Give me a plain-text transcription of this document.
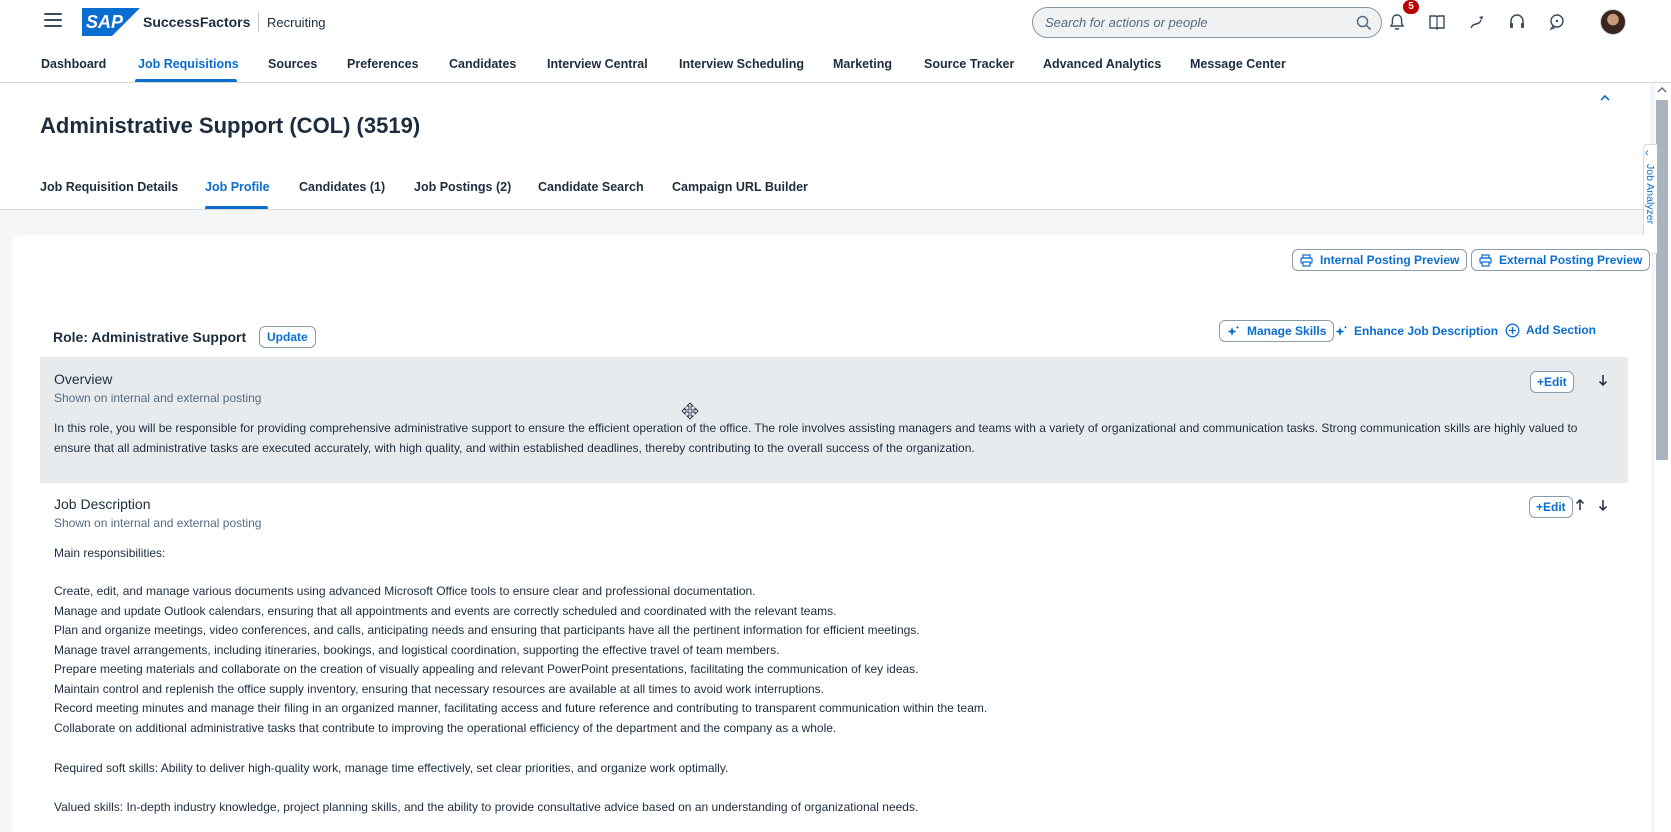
SAP SuccessFactors Recruiting	Search for actions or people
5
Dashboard	Job Requisitions Sources Preferences Candidates Interview Central	Interview Scheduling Marketing	Source Tracker Advanced Analytics Message Center
Administrative Support (COL) (3519)
Job Requisition Details Job Profile Candidates (1) Job Postings (2) Candidate Search Campaign URL Builder
‹
Job Analyzer
Internal Posting Preview	External Posting Preview
Role: Administrative Support Update	Manage Skills Enhance Job Description Add Section
Overview
Shown on internal and external posting
+Edit
In this role, you will be responsible for providing comprehensive administrative support to ensure the efficient operation of the office. The role involves assisting managers and teams with a variety of organizational and communication tasks. Strong communication skills are highly valued to
ensure that all administrative tasks are executed accurately, with high quality, and within established deadlines, thereby contributing to the overall success of the organization.
Job Description
Shown on internal and external posting
+Edit
Main responsibilities:
Create, edit, and manage various documents using advanced Microsoft Office tools to ensure clear and professional documentation.
Manage and update Outlook calendars, ensuring that all appointments and events are correctly scheduled and coordinated with the relevant teams.
Plan and organize meetings, video conferences, and calls, anticipating needs and ensuring that participants have all the pertinent information for efficient meetings.
Manage travel arrangements, including itineraries, bookings, and logistical coordination, supporting the effective travel of team members.
Prepare meeting materials and collaborate on the creation of visually appealing and relevant PowerPoint presentations, facilitating the communication of key ideas.
Maintain control and replenish the office supply inventory, ensuring that necessary resources are available at all times to avoid work interruptions.
Record meeting minutes and manage their filing in an organized manner, facilitating access and future reference and contributing to transparent communication within the team.
Collaborate on additional administrative tasks that contribute to improving the operational efficiency of the department and the company as a whole.
Required soft skills: Ability to deliver high-quality work, manage time effectively, set clear priorities, and organize work optimally.
Valued skills: In-depth industry knowledge, project planning skills, and the ability to provide consultative advice based on an understanding of organizational needs.
